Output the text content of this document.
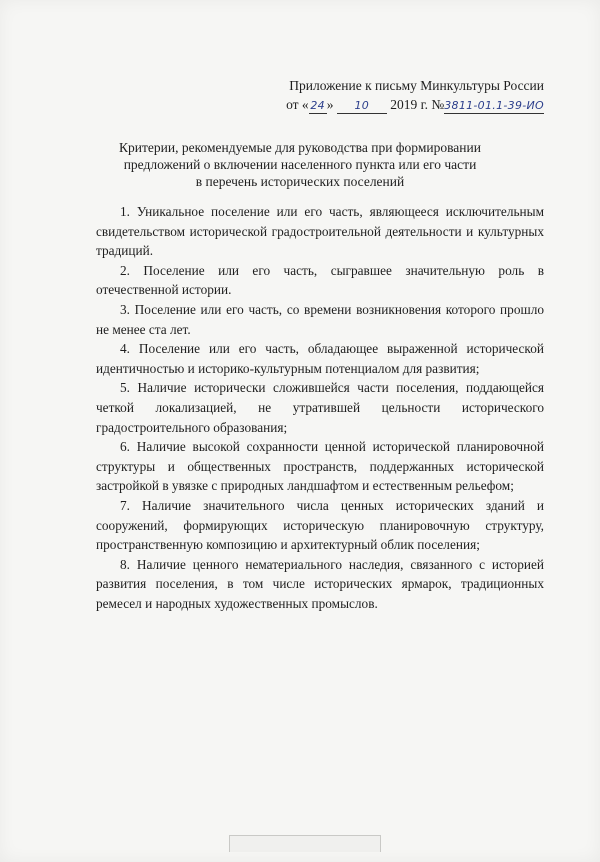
Приложение к письму Минкультуры России
от « 24 » 10 2019 г. №3811-01.1-39-ИО
Критерии, рекомендуемые для руководства при формировании
предложений о включении населенного пункта или его части
в перечень исторических поселений

1. Уникальное поселение или его часть, являющееся исключительным свидетельством исторической градостроительной деятельности и культурных традиций.

2. Поселение или его часть, сыгравшее значительную роль в отечественной истории.

3. Поселение или его часть, со времени возникновения которого прошло не менее ста лет.

4. Поселение или его часть, обладающее выраженной исторической идентичностью и историко-культурным потенциалом для развития;

5. Наличие исторически сложившейся части поселения, поддающейся четкой локализацией, не утратившей цельности исторического градостроительного образования;

6. Наличие высокой сохранности ценной исторической планировочной структуры и общественных пространств, поддержанных исторической застройкой в увязке с природных ландшафтом и естественным рельефом;

7. Наличие значительного числа ценных исторических зданий и сооружений, формирующих историческую планировочную структуру, пространственную композицию и архитектурный облик поселения;

8. Наличие ценного нематериального наследия, связанного с историей развития поселения, в том числе исторических ярмарок, традиционных ремесел и народных художественных промыслов.
